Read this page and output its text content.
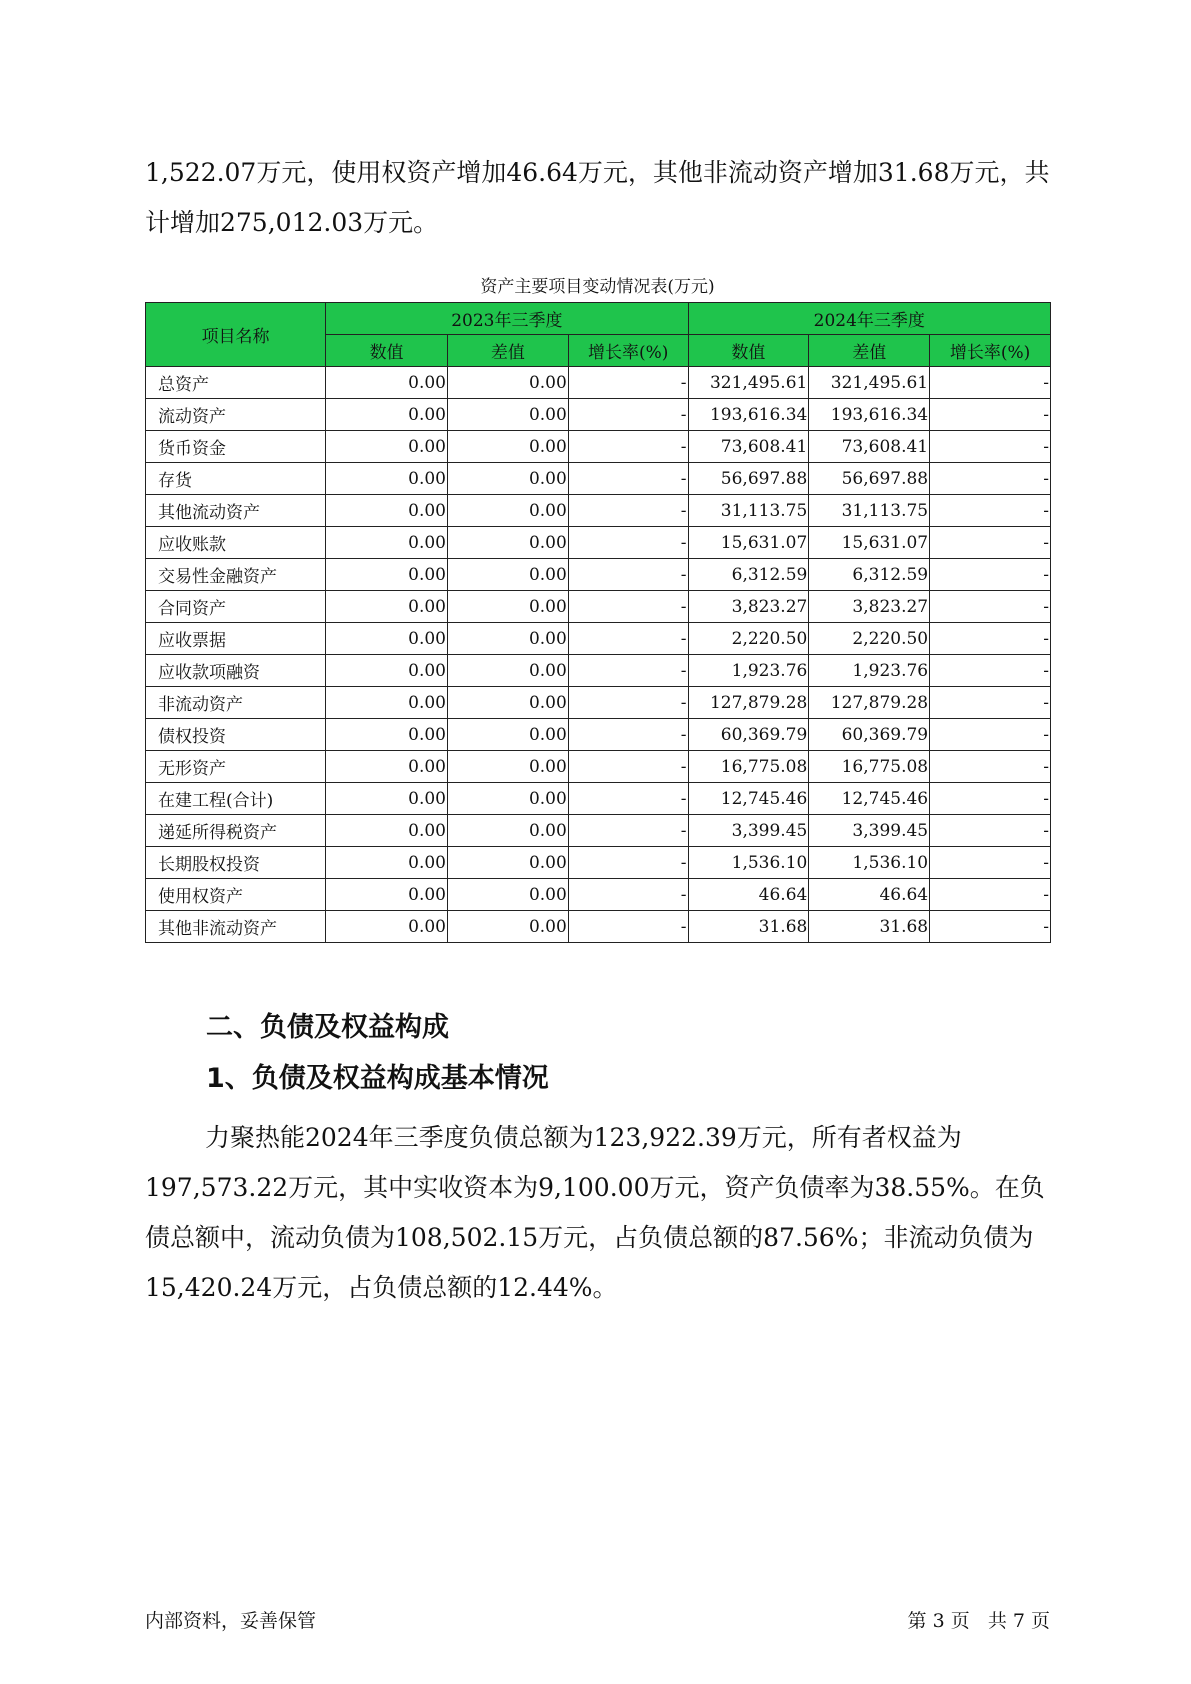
1,522.07万元，使用权资产增加46.64万元，其他非流动资产增加31.68万元，共计增加275,012.03万元。

资产主要项目变动情况表(万元)
项目名称	2023年三季度			2024年三季度		
	数值	差值	增长率(%)	数值	差值	增长率(%)
总资产	0.00	0.00	-	321,495.61	321,495.61	-
流动资产	0.00	0.00	-	193,616.34	193,616.34	-
货币资金	0.00	0.00	-	73,608.41	73,608.41	-
存货	0.00	0.00	-	56,697.88	56,697.88	-
其他流动资产	0.00	0.00	-	31,113.75	31,113.75	-
应收账款	0.00	0.00	-	15,631.07	15,631.07	-
交易性金融资产	0.00	0.00	-	6,312.59	6,312.59	-
合同资产	0.00	0.00	-	3,823.27	3,823.27	-
应收票据	0.00	0.00	-	2,220.50	2,220.50	-
应收款项融资	0.00	0.00	-	1,923.76	1,923.76	-
非流动资产	0.00	0.00	-	127,879.28	127,879.28	-
债权投资	0.00	0.00	-	60,369.79	60,369.79	-
无形资产	0.00	0.00	-	16,775.08	16,775.08	-
在建工程(合计)	0.00	0.00	-	12,745.46	12,745.46	-
递延所得税资产	0.00	0.00	-	3,399.45	3,399.45	-
长期股权投资	0.00	0.00	-	1,536.10	1,536.10	-
使用权资产	0.00	0.00	-	46.64	46.64	-
其他非流动资产	0.00	0.00	-	31.68	31.68	-
二、负债及权益构成
1、负债及权益构成基本情况

力聚热能2024年三季度负债总额为123,922.39万元，所有者权益为197,573.22万元，其中实收资本为9,100.00万元，资产负债率为38.55%。在负债总额中，流动负债为108,502.15万元，占负债总额的87.56%；非流动负债为15,420.24万元，占负债总额的12.44%。

内部资料，妥善保管	第 3 页   共 7 页
